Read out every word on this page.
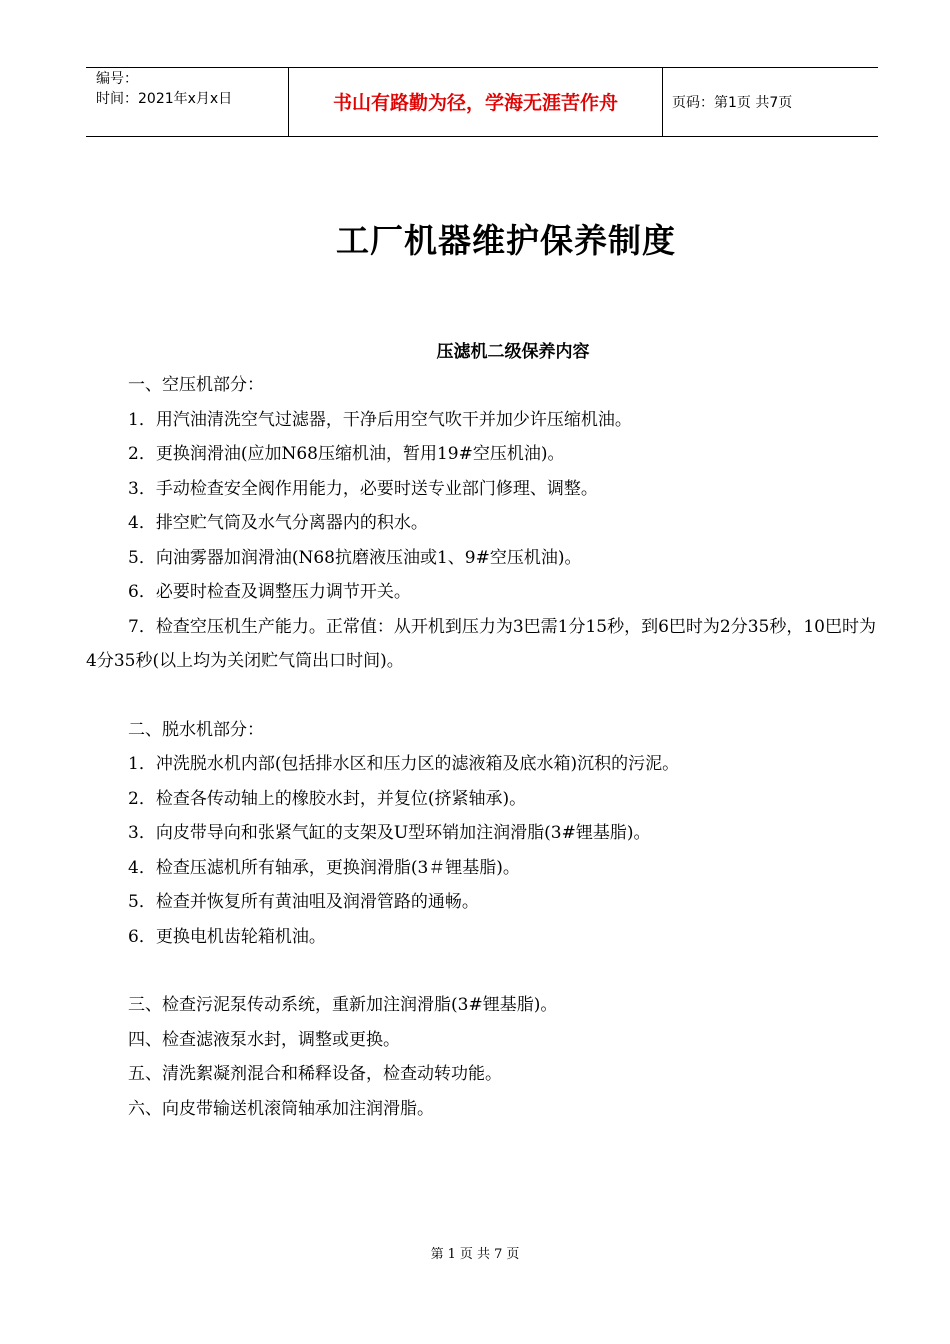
编号：
时间：2021年x月x日	书山有路勤为径，学海无涯苦作舟	页码：第1页 共7页
工厂机器维护保养制度
压滤机二级保养内容

一、空压机部分：

1．用汽油清洗空气过滤器，干净后用空气吹干并加少许压缩机油。

2．更换润滑油(应加N68压缩机油，暂用19#空压机油)。

3．手动检查安全阀作用能力，必要时送专业部门修理、调整。

4．排空贮气筒及水气分离器内的积水。

5．向油雾器加润滑油(N68抗磨液压油或1、9#空压机油)。

6．必要时检查及调整压力调节开关。

7．检查空压机生产能力。正常值：从开机到压力为3巴需1分15秒，到6巴时为2分35秒，10巴时为4分35秒(以上均为关闭贮气筒出口时间)。

二、脱水机部分：

1．冲洗脱水机内部(包括排水区和压力区的滤液箱及底水箱)沉积的污泥。

2．检查各传动轴上的橡胶水封，并复位(挤紧轴承)。

3．向皮带导向和张紧气缸的支架及U型环销加注润滑脂(3#锂基脂)。

4．检查压滤机所有轴承，更换润滑脂(3＃锂基脂)。

5．检查并恢复所有黄油咀及润滑管路的通畅。

6．更换电机齿轮箱机油。

三、检查污泥泵传动系统，重新加注润滑脂(3#锂基脂)。

四、检查滤液泵水封，调整或更换。

五、清洗絮凝剂混合和稀释设备，检查动转功能。

六、向皮带输送机滚筒轴承加注润滑脂。

第 1 页 共 7 页
